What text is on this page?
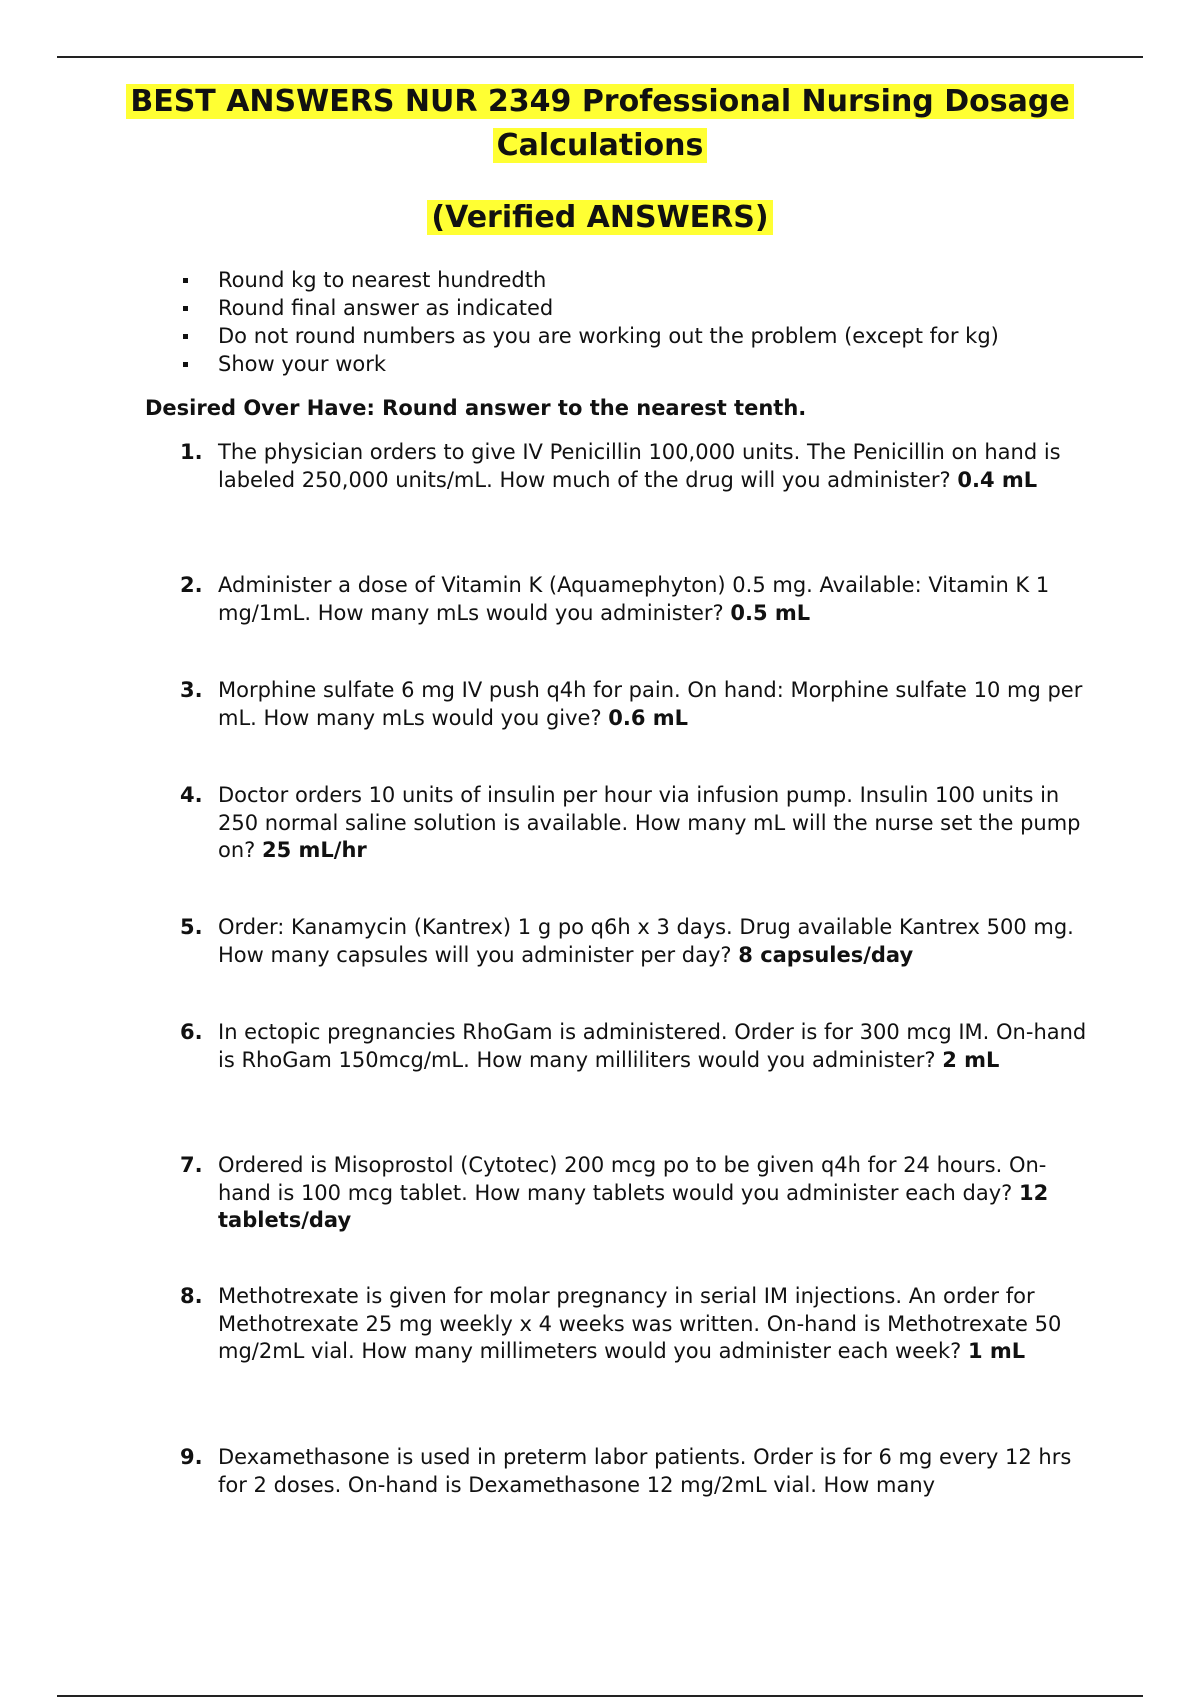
BEST ANSWERS NUR 2349 Professional Nursing Dosage
Calculations
(Verified ANSWERS)
Round kg to nearest hundredth
Round final answer as indicated
Do not round numbers as you are working out the problem (except for kg)
Show your work
Desired Over Have: Round answer to the nearest tenth.
1. The physician orders to give IV Penicillin 100,000 units. The Penicillin on hand is labeled 250,000 units/mL. How much of the drug will you administer? 0.4 mL
2. Administer a dose of Vitamin K (Aquamephyton) 0.5 mg. Available: Vitamin K 1 mg/1mL. How many mLs would you administer? 0.5 mL
3. Morphine sulfate 6 mg IV push q4h for pain. On hand: Morphine sulfate 10 mg per mL. How many mLs would you give? 0.6 mL
4. Doctor orders 10 units of insulin per hour via infusion pump. Insulin 100 units in 250 normal saline solution is available. How many mL will the nurse set the pump on? 25 mL/hr
5. Order: Kanamycin (Kantrex) 1 g po q6h x 3 days. Drug available Kantrex 500 mg. How many capsules will you administer per day? 8 capsules/day
6. In ectopic pregnancies RhoGam is administered. Order is for 300 mcg IM. On-hand is RhoGam 150mcg/mL. How many milliliters would you administer? 2 mL
7. Ordered is Misoprostol (Cytotec) 200 mcg po to be given q4h for 24 hours. On-hand is 100 mcg tablet. How many tablets would you administer each day? 12 tablets/day
8. Methotrexate is given for molar pregnancy in serial IM injections. An order for Methotrexate 25 mg weekly x 4 weeks was written. On-hand is Methotrexate 50 mg/2mL vial. How many millimeters would you administer each week? 1 mL
9. Dexamethasone is used in preterm labor patients. Order is for 6 mg every 12 hrs for 2 doses. On-hand is Dexamethasone 12 mg/2mL vial. How many
